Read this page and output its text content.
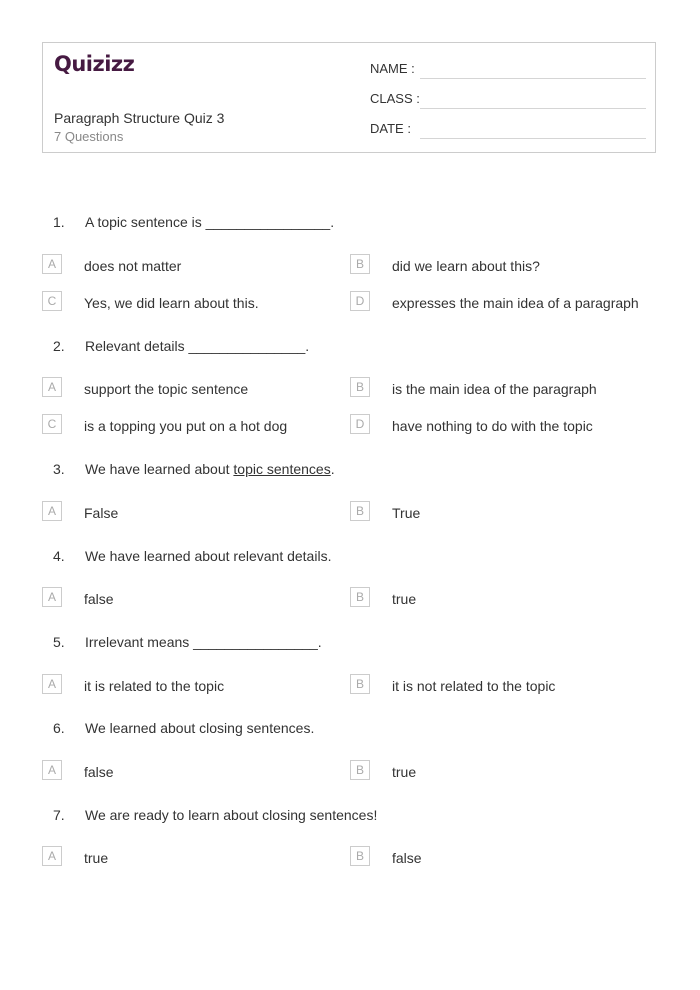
Quizizz
Paragraph Structure Quiz 3
7 Questions
NAME :
CLASS :
DATE :
1. A topic sentence is ________________.
A	does not matter	B	did we learn about this?
C	Yes, we did learn about this.	D	expresses the main idea of a paragraph
2. Relevant details _______________.
A	support the topic sentence	B	is the main idea of the paragraph
C	is a topping you put on a hot dog	D	have nothing to do with the topic
3. We have learned about topic sentences.
A	False	B	True
4. We have learned about relevant details.
A	false	B	true
5. Irrelevant means ________________.
A	it is related to the topic	B	it is not related to the topic
6. We learned about closing sentences.
A	false	B	true
7. We are ready to learn about closing sentences!
A	true	B	false
